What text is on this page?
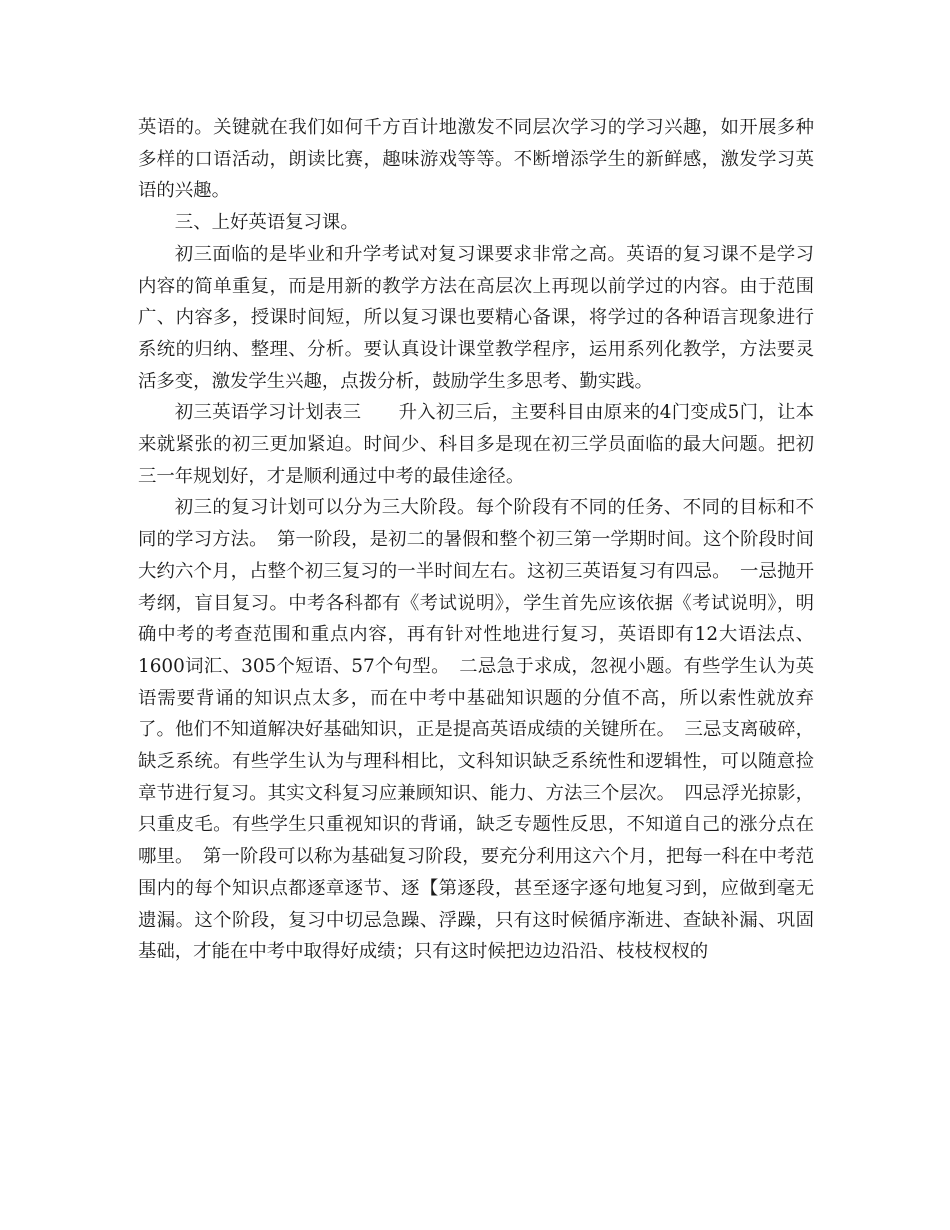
英语的。关键就在我们如何千方百计地激发不同层次学习的学习兴趣，如开展多种多样的口语活动，朗读比赛，趣味游戏等等。不断增添学生的新鲜感，激发学习英语的兴趣。

三、上好英语复习课。

初三面临的是毕业和升学考试对复习课要求非常之高。英语的复习课不是学习内容的简单重复，而是用新的教学方法在高层次上再现以前学过的内容。由于范围广、内容多，授课时间短，所以复习课也要精心备课，将学过的各种语言现象进行系统的归纳、整理、分析。要认真设计课堂教学程序，运用系列化教学，方法要灵活多变，激发学生兴趣，点拨分析，鼓励学生多思考、勤实践。

初三英语学习计划表三　　升入初三后，主要科目由原来的4门变成5门，让本来就紧张的初三更加紧迫。时间少、科目多是现在初三学员面临的最大问题。把初三一年规划好，才是顺利通过中考的最佳途径。

初三的复习计划可以分为三大阶段。每个阶段有不同的任务、不同的目标和不同的学习方法。　第一阶段，是初二的暑假和整个初三第一学期时间。这个阶段时间大约六个月，占整个初三复习的一半时间左右。这初三英语复习有四忌。　一忌抛开考纲，盲目复习。中考各科都有《考试说明》，学生首先应该依据《考试说明》，明确中考的考查范围和重点内容，再有针对性地进行复习，英语即有12大语法点、1600词汇、305个短语、57个句型。　二忌急于求成，忽视小题。有些学生认为英语需要背诵的知识点太多，而在中考中基础知识题的分值不高，所以索性就放弃了。他们不知道解决好基础知识，正是提高英语成绩的关键所在。　三忌支离破碎，缺乏系统。有些学生认为与理科相比，文科知识缺乏系统性和逻辑性，可以随意捡章节进行复习。其实文科复习应兼顾知识、能力、方法三个层次。　四忌浮光掠影，只重皮毛。有些学生只重视知识的背诵，缺乏专题性反思，不知道自己的涨分点在哪里。　第一阶段可以称为基础复习阶段，要充分利用这六个月，把每一科在中考范围内的每个知识点都逐章逐节、逐【第逐段，甚至逐字逐句地复习到，应做到毫无遗漏。这个阶段，复习中切忌急躁、浮躁，只有这时候循序渐进、查缺补漏、巩固基础，才能在中考中取得好成绩；只有这时候把边边沿沿、枝枝杈杈的
